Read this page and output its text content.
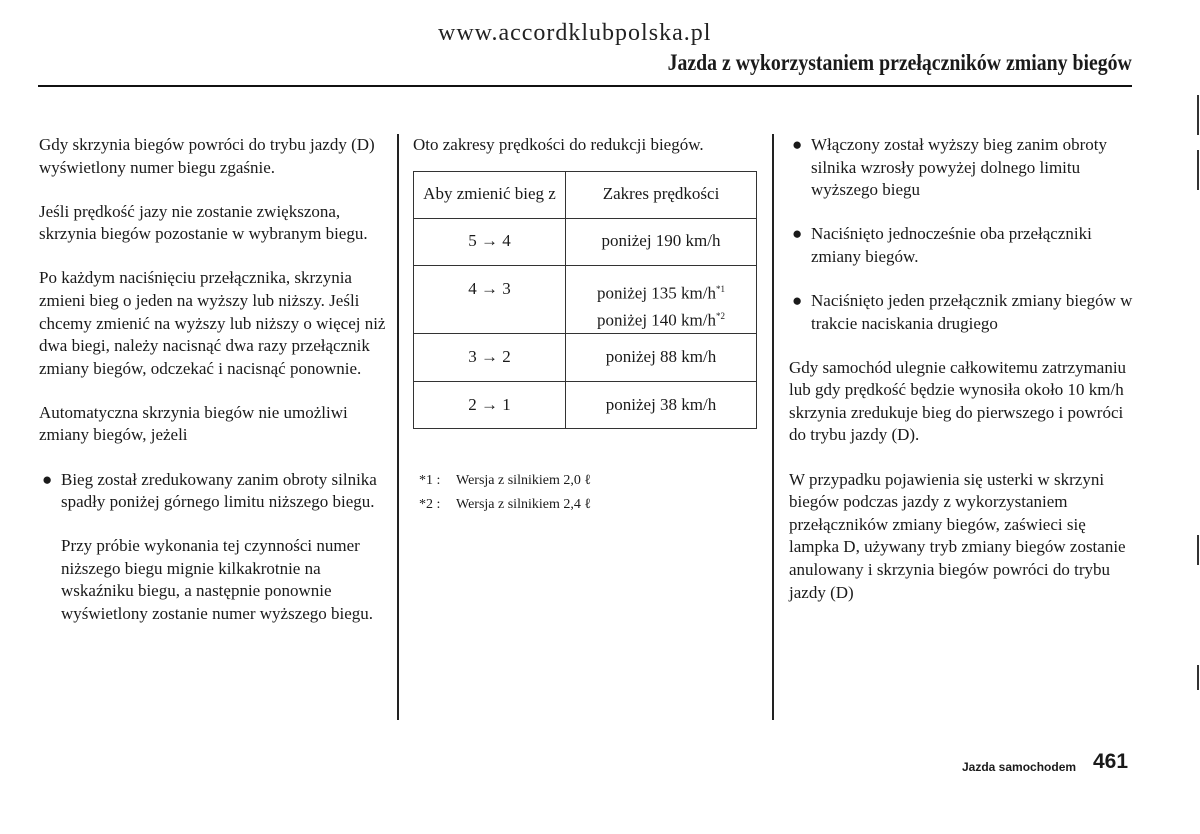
www.accordklubpolska.pl
Jazda z wykorzystaniem przełączników zmiany biegów

Gdy skrzynia biegów powróci do trybu jazdy (D) wyświetlony numer biegu zgaśnie.

Jeśli prędkość jazy nie zostanie zwiększona, skrzynia biegów pozostanie w wybranym biegu.

Po każdym naciśnięciu przełącznika, skrzynia zmieni bieg o jeden na wyższy lub niższy. Jeśli chcemy zmienić na wyższy lub niższy o więcej niż dwa biegi, należy nacisnąć dwa razy przełącznik zmiany biegów, odczekać i nacisnąć ponownie.

Automatyczna skrzynia biegów nie umożliwi zmiany biegów, jeżeli

● Bieg został zredukowany zanim obroty silnika spadły poniżej górnego limitu niższego biegu.

Przy próbie wykonania tej czynności numer niższego biegu mignie kilkakrotnie na wskaźniku biegu, a następnie ponownie wyświetlony zostanie numer wyższego biegu.

Oto zakresy prędkości do redukcji biegów.

Aby zmienić bieg z	Zakres prędkości
5 → 4	poniżej 190 km/h
4 → 3	poniżej 135 $km/h^{*1}$
poniżej 140 $km/h^{*2}$
3 → 2	poniżej 88 km/h
2 → 1	poniżej 38 km/h
*1 : Wersja z silnikiem 2,0 ℓ
*2 : Wersja z silnikiem 2,4 ℓ
● Włączony został wyższy bieg zanim obroty silnika wzrosły powyżej dolnego limitu wyższego biegu
● Naciśnięto jednocześnie oba przełączniki zmiany biegów.
● Naciśnięto jeden przełącznik zmiany biegów w trakcie naciskania drugiego

Gdy samochód ulegnie całkowitemu zatrzymaniu lub gdy prędkość będzie wynosiła około 10 km/h skrzynia zredukuje bieg do pierwszego i powróci do trybu jazdy (D).

W przypadku pojawienia się usterki w skrzyni biegów podczas jazdy z wykorzystaniem przełączników zmiany biegów, zaświeci się lampka D, używany tryb zmiany biegów zostanie anulowany i skrzynia biegów powróci do trybu jazdy (D)

Jazda samochodem 461
